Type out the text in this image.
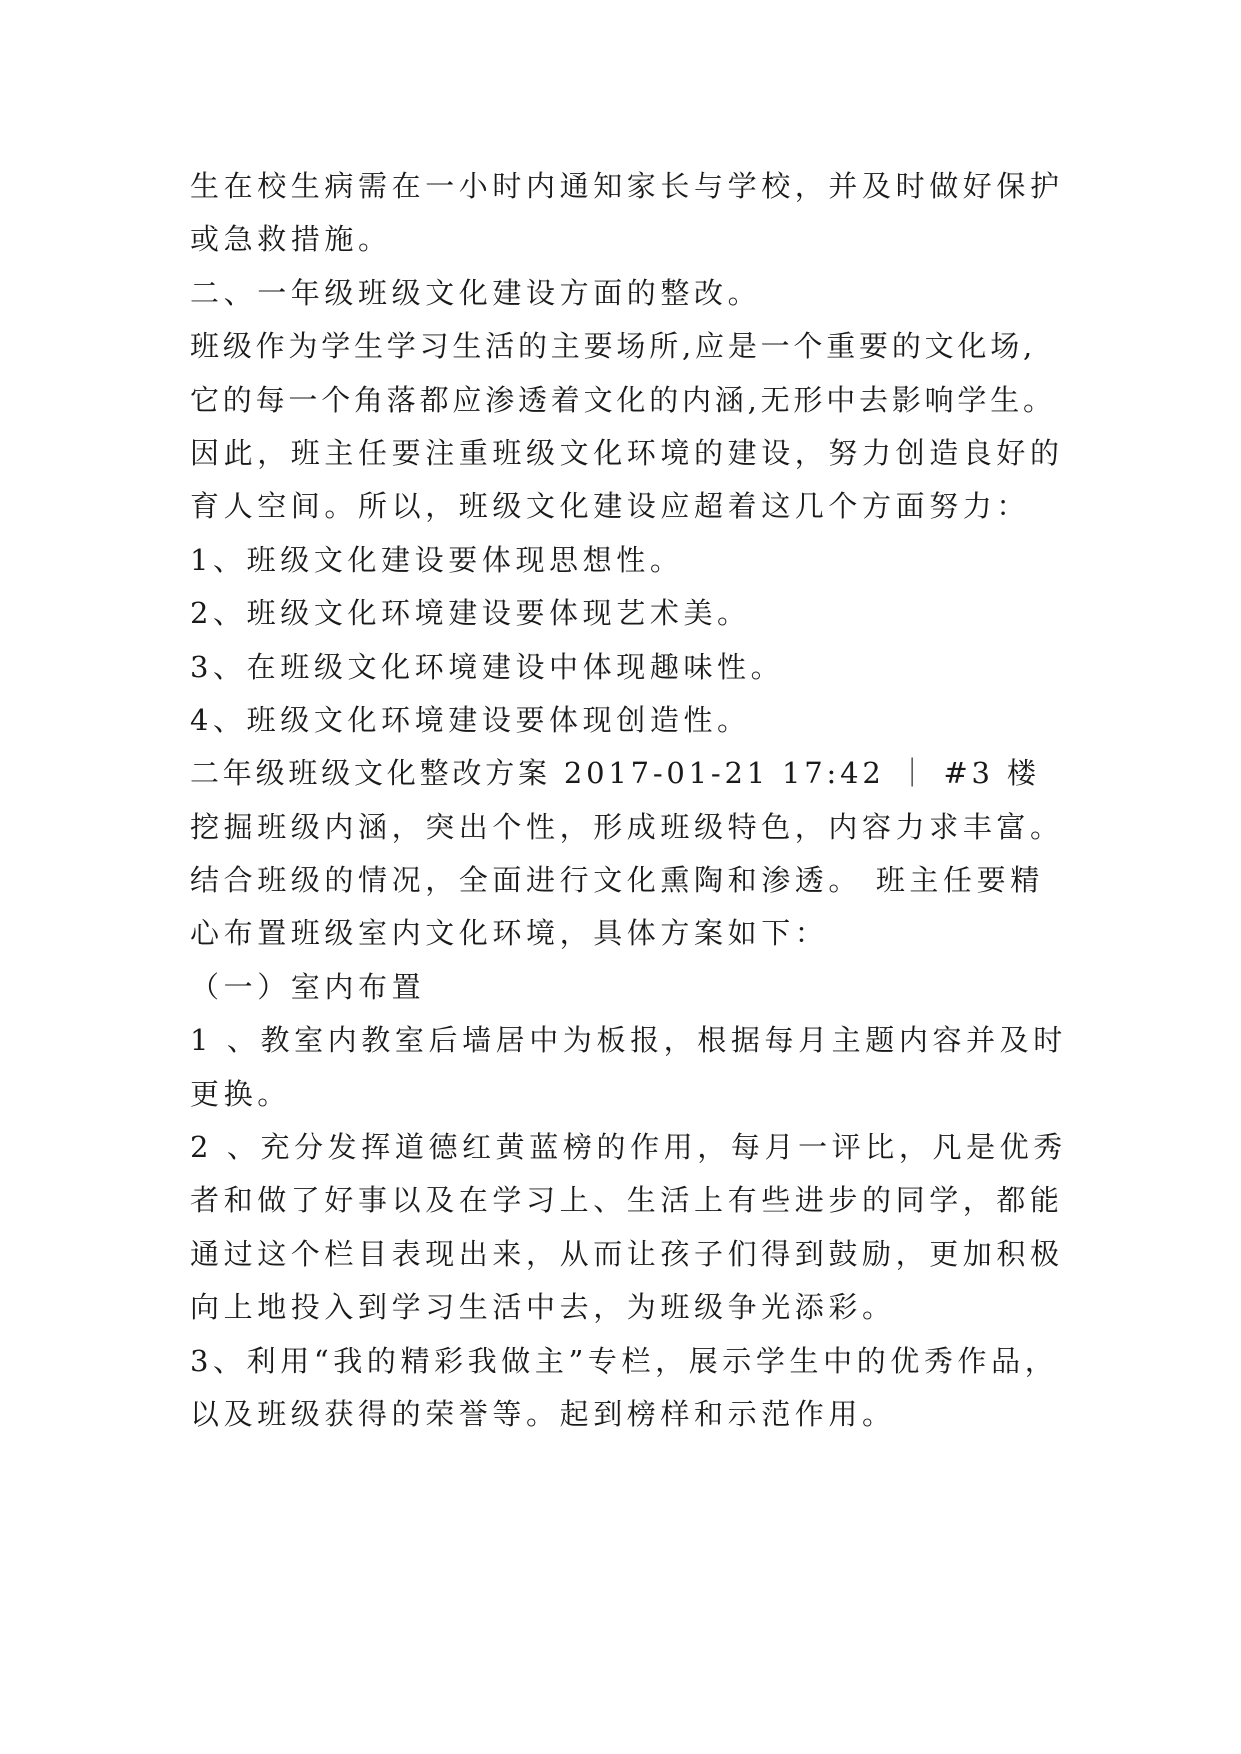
生在校生病需在一小时内通知家长与学校，并及时做好保护
或急救措施。
二、一年级班级文化建设方面的整改。
班级作为学生学习生活的主要场所,应是一个重要的文化场,
它的每一个角落都应渗透着文化的内涵,无形中去影响学生。
因此，班主任要注重班级文化环境的建设，努力创造良好的
育人空间。所以，班级文化建设应超着这几个方面努力：
1、班级文化建设要体现思想性。
2、班级文化环境建设要体现艺术美。
3、在班级文化环境建设中体现趣味性。
4、班级文化环境建设要体现创造性。
二年级班级文化整改方案 2017-01-21 17:42 ｜ #3 楼
挖掘班级内涵，突出个性，形成班级特色，内容力求丰富。
结合班级的情况，全面进行文化熏陶和渗透。 班主任要精
心布置班级室内文化环境，具体方案如下：
（一）室内布置
1 、教室内教室后墙居中为板报，根据每月主题内容并及时
更换。
2 、充分发挥道德红黄蓝榜的作用，每月一评比，凡是优秀
者和做了好事以及在学习上、生活上有些进步的同学，都能
通过这个栏目表现出来，从而让孩子们得到鼓励，更加积极
向上地投入到学习生活中去，为班级争光添彩。
3、利用“我的精彩我做主”专栏，展示学生中的优秀作品，
以及班级获得的荣誉等。起到榜样和示范作用。
